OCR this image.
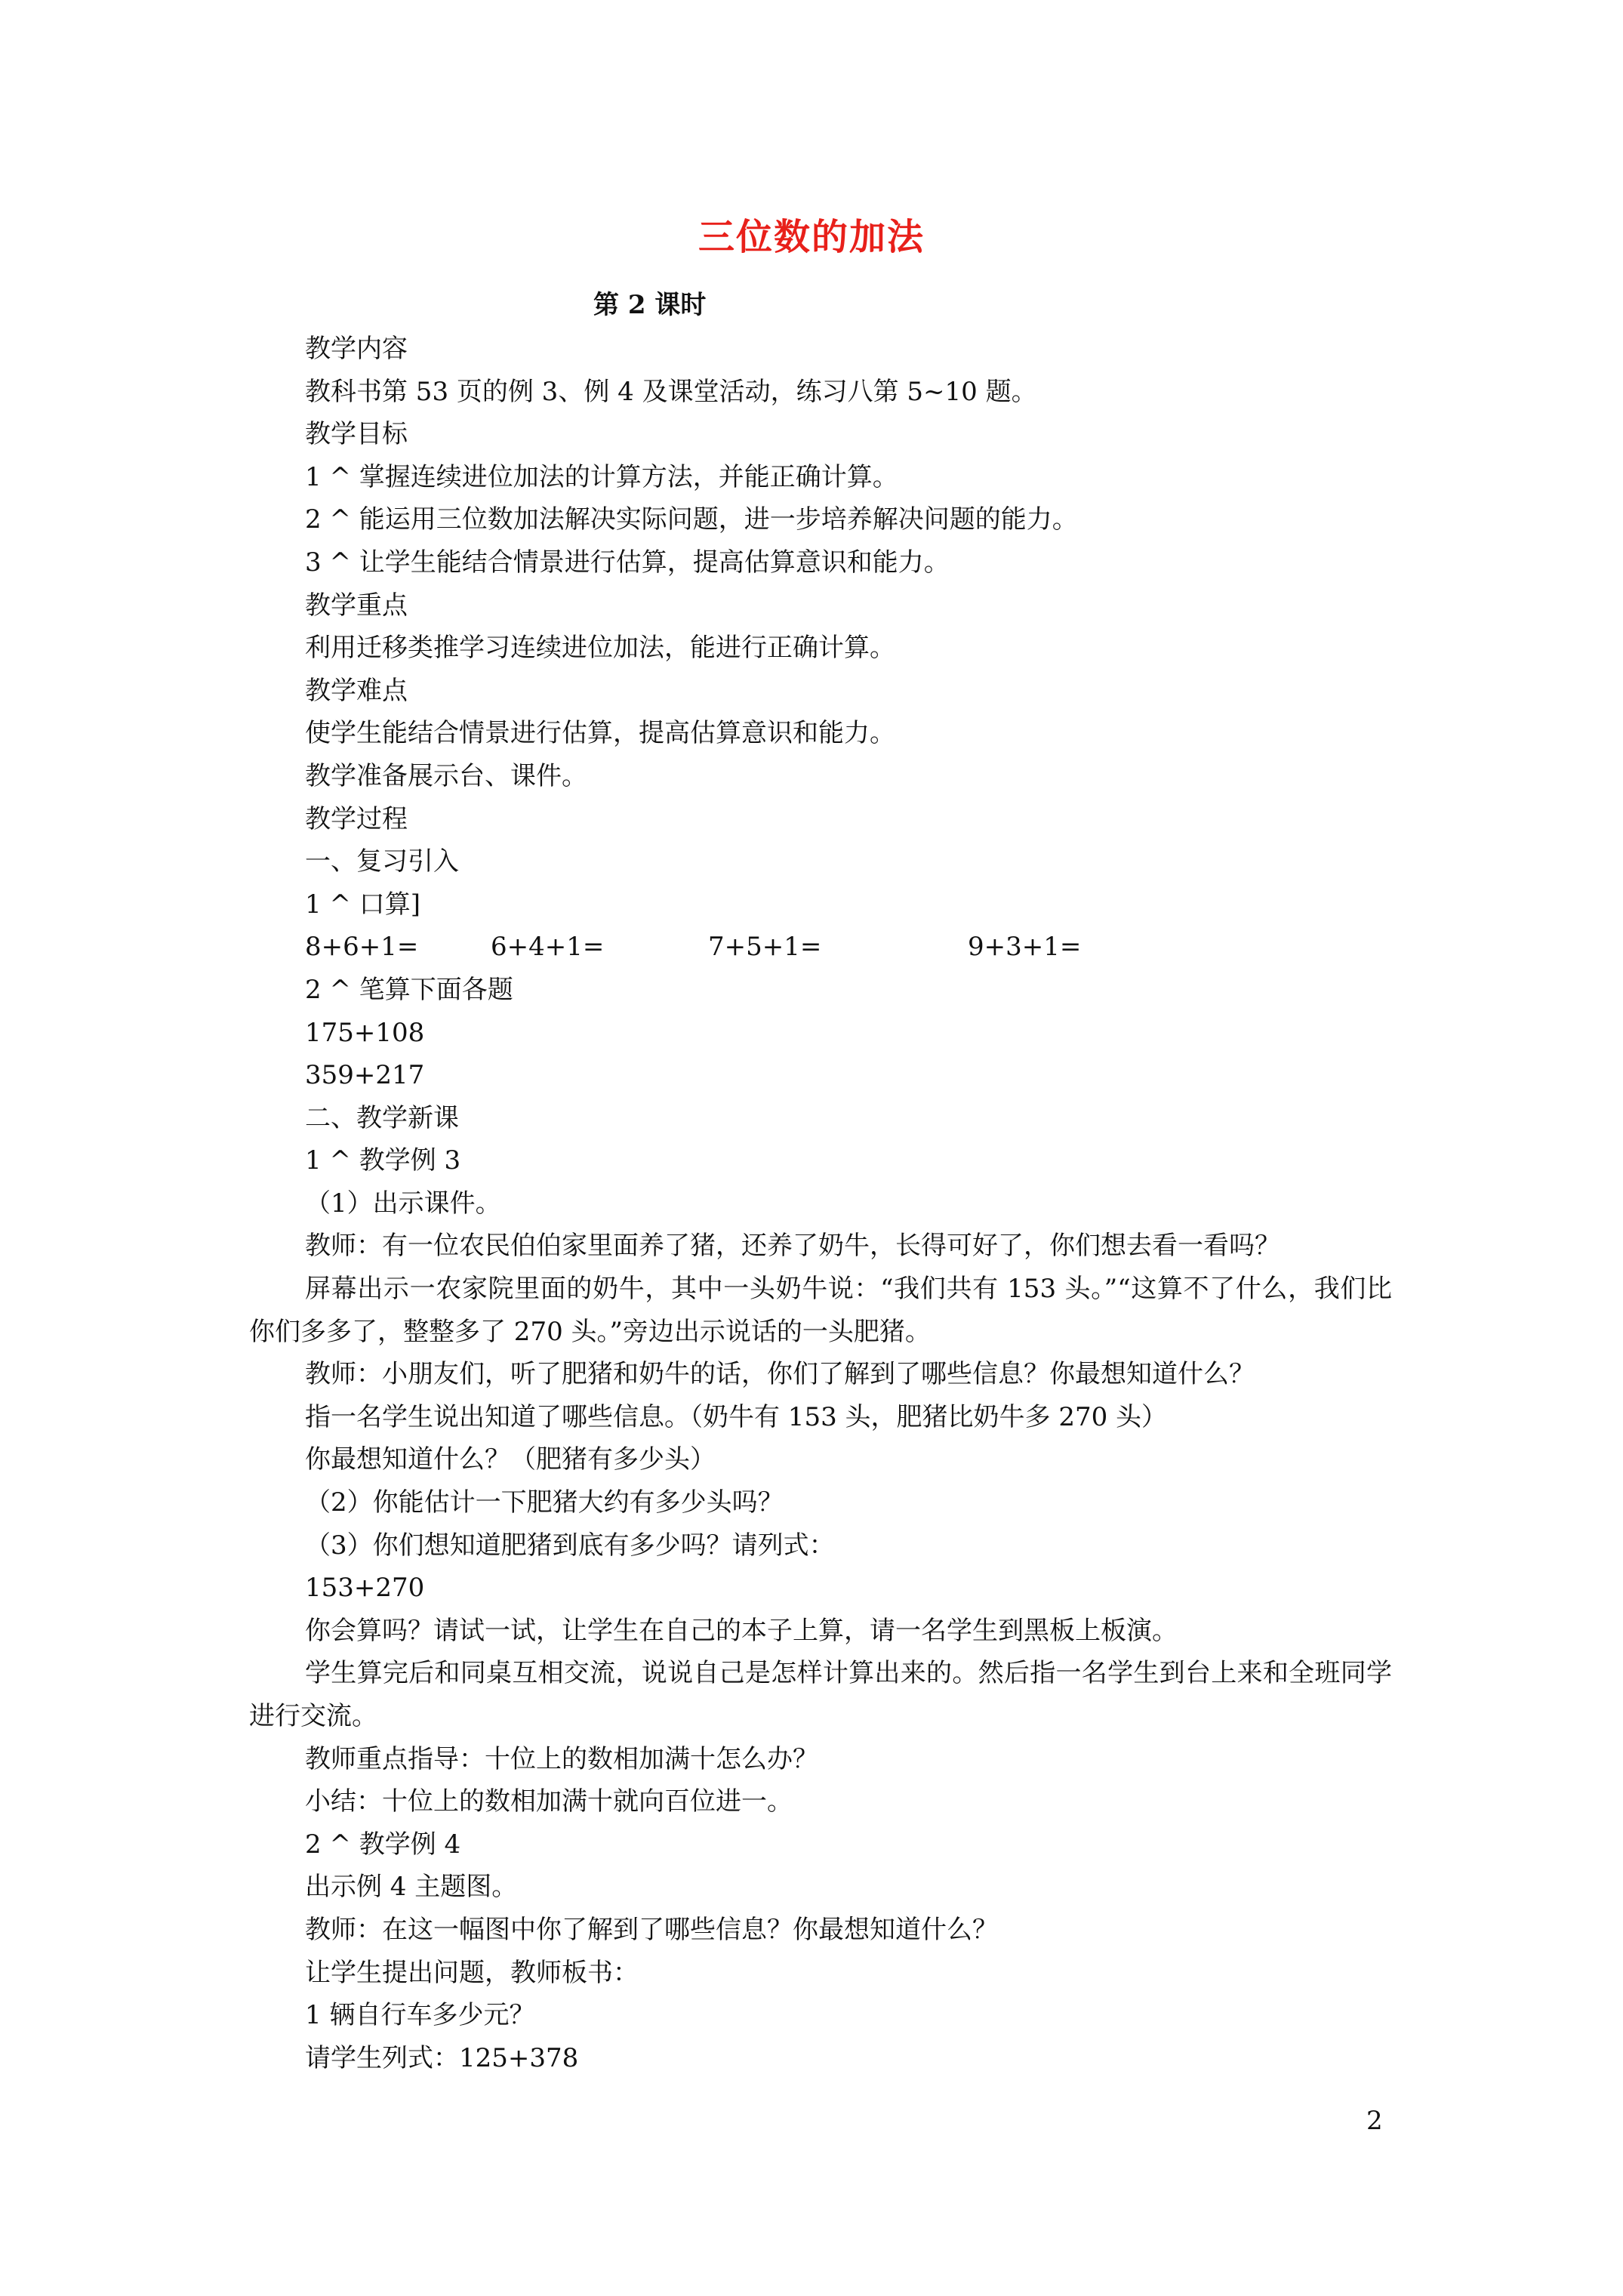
三位数的加法
第 2 课时

教学内容

教科书第 53 页的例 3、例 4 及课堂活动，练习八第 5~10 题。

教学目标

1 ^ 掌握连续进位加法的计算方法，并能正确计算。

2 ^ 能运用三位数加法解决实际问题，进一步培养解决问题的能力。

3 ^ 让学生能结合情景进行估算，提高估算意识和能力。

教学重点

利用迁移类推学习连续进位加法，能进行正确计算。

教学难点

使学生能结合情景进行估算，提高估算意识和能力。

教学准备展示台、课件。

教学过程

一、复习引入

1 ^ 口算]

8+6+1=	6+4+1=	7+5+1=	9+3+1=

2 ^ 笔算下面各题

175+108

359+217

二、教学新课

1 ^ 教学例 3

（1）出示课件。

教师：有一位农民伯伯家里面养了猪，还养了奶牛，长得可好了，你们想去看一看吗？

屏幕出示一农家院里面的奶牛，其中一头奶牛说：“我们共有 153 头。”“这算不了什么，我们比你们多多了，整整多了 270 头。”旁边出示说话的一头肥猪。

教师：小朋友们，听了肥猪和奶牛的话，你们了解到了哪些信息？你最想知道什么？

指一名学生说出知道了哪些信息。（奶牛有 153 头，肥猪比奶牛多 270 头）

你最想知道什么？（肥猪有多少头）

（2）你能估计一下肥猪大约有多少头吗？

（3）你们想知道肥猪到底有多少吗？请列式：

153+270

你会算吗？请试一试，让学生在自己的本子上算，请一名学生到黑板上板演。

学生算完后和同桌互相交流，说说自己是怎样计算出来的。然后指一名学生到台上来和全班同学进行交流。

教师重点指导：十位上的数相加满十怎么办？

小结：十位上的数相加满十就向百位进一。

2 ^ 教学例 4

出示例 4 主题图。

教师：在这一幅图中你了解到了哪些信息？你最想知道什么？

让学生提出问题，教师板书：

1 辆自行车多少元？

请学生列式：125+378

2
